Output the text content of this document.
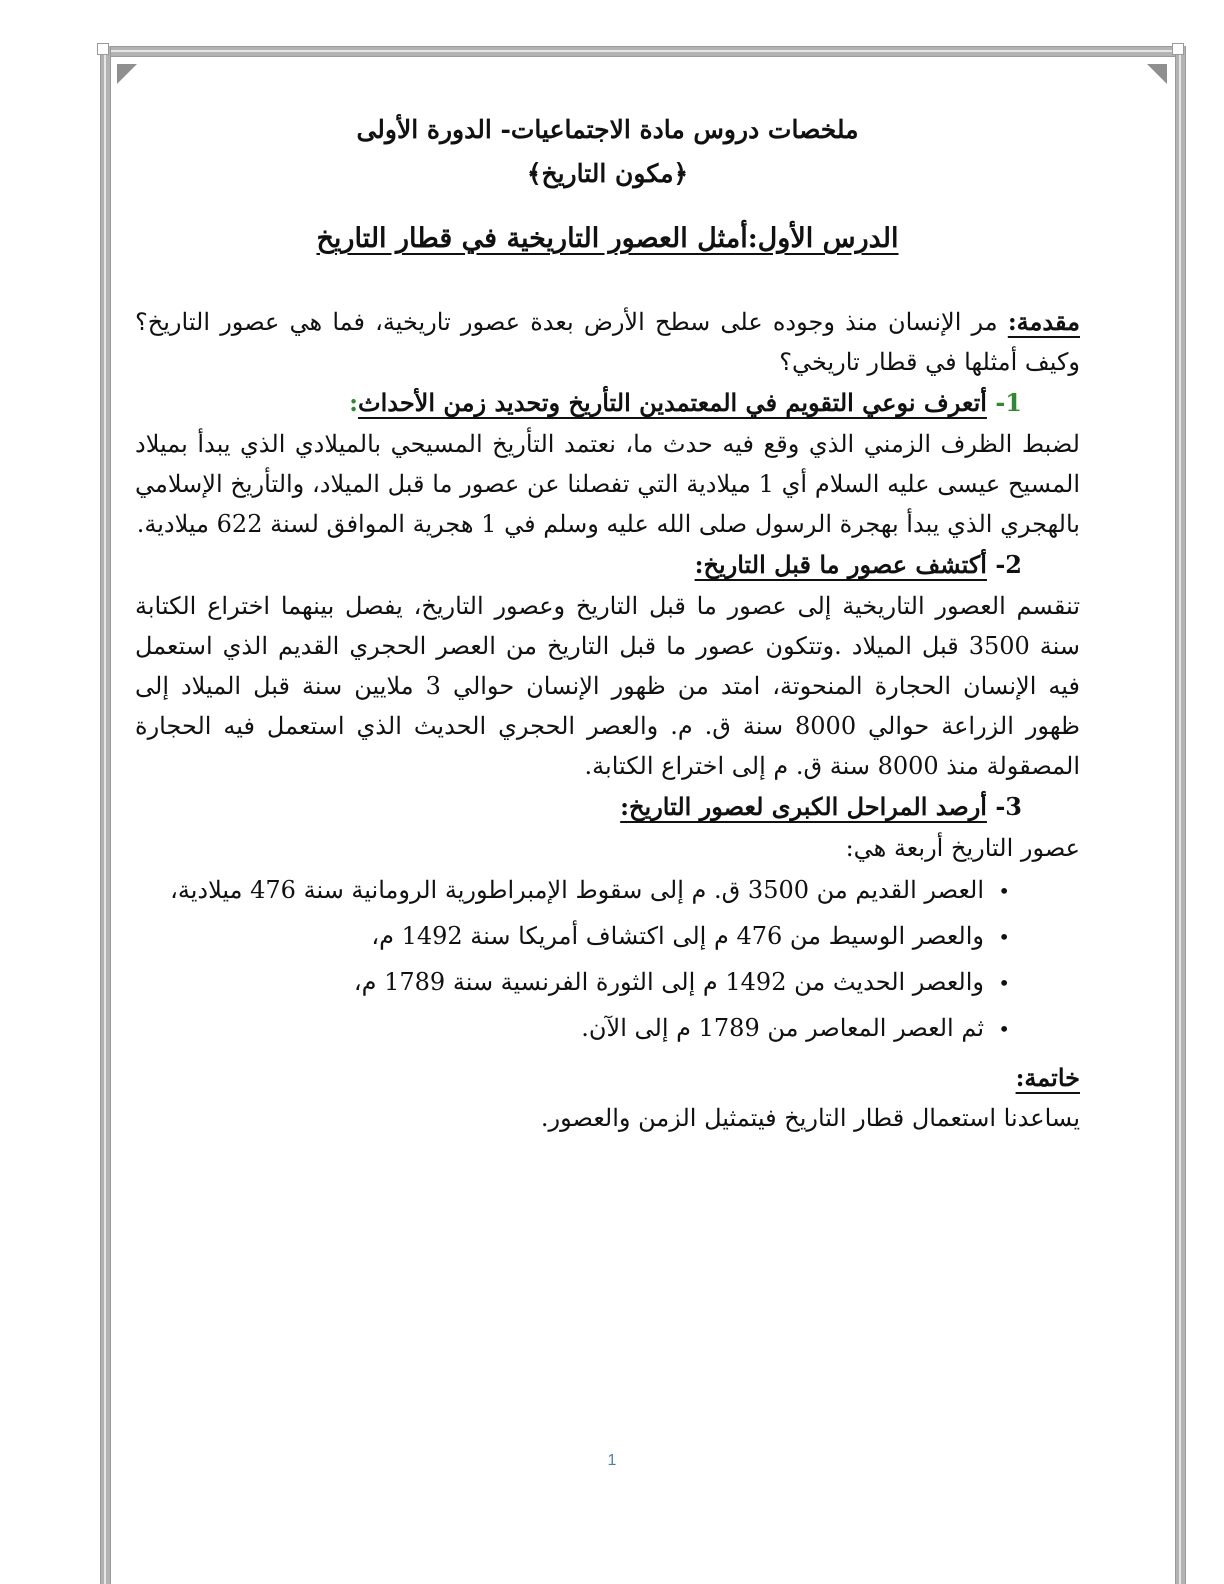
ملخصات دروس مادة الاجتماعيات- الدورة الأولى
﴿مكون التاريخ﴾
الدرس الأول:أمثل العصور التاريخية في قطار التاريخ

مقدمة: مر الإنسان منذ وجوده على سطح الأرض بعدة عصور تاريخية، فما هي عصور التاريخ؟ وكيف أمثلها في قطار تاريخي؟

1- أتعرف نوعي التقويم في المعتمدين التأريخ وتحديد زمن الأحداث:

لضبط الظرف الزمني الذي وقع فيه حدث ما، نعتمد التأريخ المسيحي بالميلادي الذي يبدأ بميلاد المسيح عيسى عليه السلام أي 1 ميلادية التي تفصلنا عن عصور ما قبل الميلاد، والتأريخ الإسلامي بالهجري الذي يبدأ بهجرة الرسول صلى الله عليه وسلم في 1 هجرية الموافق لسنة 622 ميلادية.

2- أكتشف عصور ما قبل التاريخ:

تنقسم العصور التاريخية إلى عصور ما قبل التاريخ وعصور التاريخ، يفصل بينهما اختراع الكتابة سنة 3500 قبل الميلاد .وتتكون عصور ما قبل التاريخ من العصر الحجري القديم الذي استعمل فيه الإنسان الحجارة المنحوتة، امتد من ظهور الإنسان حوالي 3 ملايين سنة قبل الميلاد إلى ظهور الزراعة حوالي 8000 سنة ق. م. والعصر الحجري الحديث الذي استعمل فيه الحجارة المصقولة منذ 8000 سنة ق. م إلى اختراع الكتابة.

3- أرصد المراحل الكبرى لعصور التاريخ:

عصور التاريخ أربعة هي:

•العصر القديم من 3500 ق. م إلى سقوط الإمبراطورية الرومانية سنة 476 ميلادية،
•والعصر الوسيط من 476 م إلى اكتشاف أمريكا سنة 1492 م،
•والعصر الحديث من 1492 م إلى الثورة الفرنسية سنة 1789 م،
•ثم العصر المعاصر من 1789 م إلى الآن.

خاتمة:

يساعدنا استعمال قطار التاريخ فيتمثيل الزمن والعصور.

1
